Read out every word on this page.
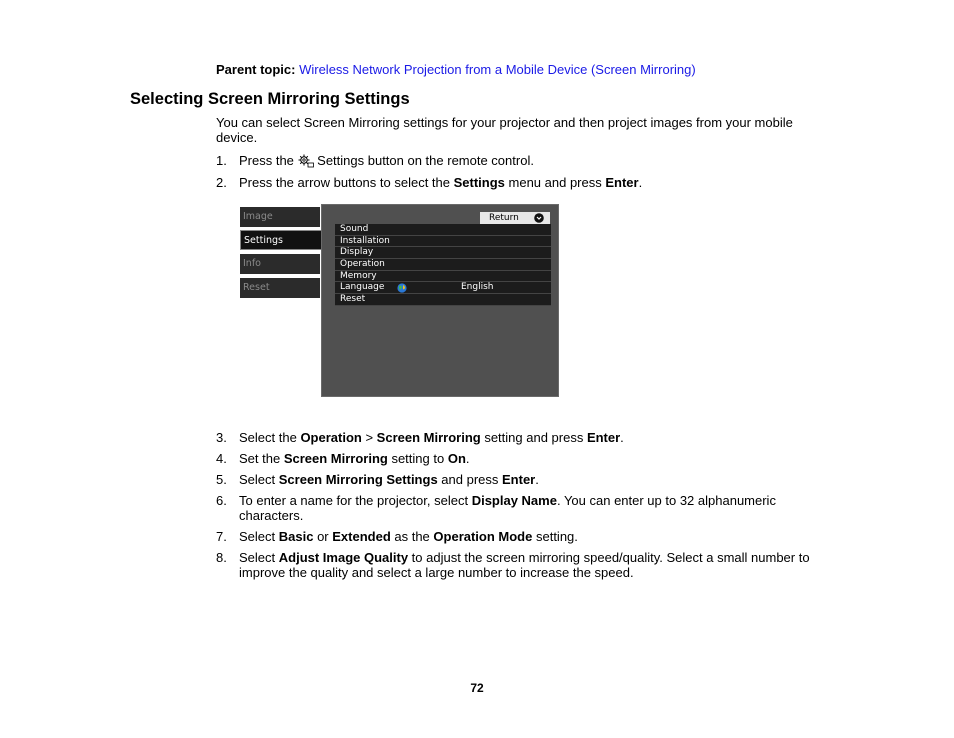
Parent topic: Wireless Network Projection from a Mobile Device (Screen Mirroring)
Selecting Screen Mirroring Settings
You can select Screen Mirroring settings for your projector and then project images from your mobile device.
1. Press the  Settings button on the remote control.
2. Press the arrow buttons to select the Settings menu and press Enter.
Image
Settings
Info
Reset
Return
Sound
Installation
Display
Operation
Memory
Language	English
Reset
3. Select the Operation > Screen Mirroring setting and press Enter.
4. Set the Screen Mirroring setting to On.
5. Select Screen Mirroring Settings and press Enter.
6. To enter a name for the projector, select Display Name. You can enter up to 32 alphanumeric characters.
7. Select Basic or Extended as the Operation Mode setting.
8. Select Adjust Image Quality to adjust the screen mirroring speed/quality. Select a small number to improve the quality and select a large number to increase the speed.
72
